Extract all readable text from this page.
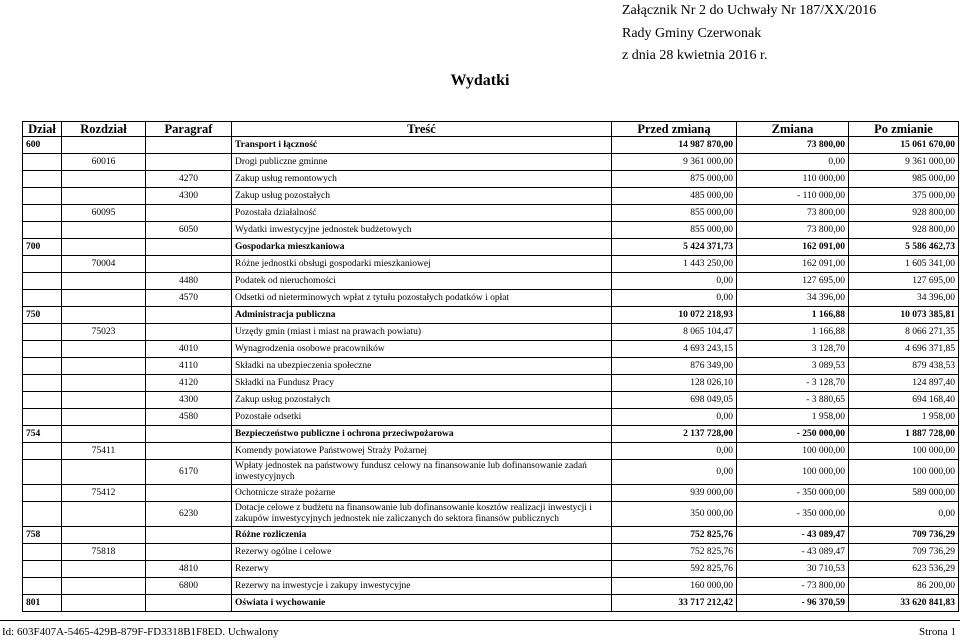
Załącznik Nr 2 do Uchwały Nr 187/XX/2016
Rady Gminy Czerwonak
z dnia 28 kwietnia 2016 r.
Wydatki
Dział	Rozdział	Paragraf	Treść	Przed zmianą	Zmiana	Po zmianie
600			Transport i łączność	14 987 870,00	73 800,00	15 061 670,00
	60016		Drogi publiczne gminne	9 361 000,00	0,00	9 361 000,00
		4270	Zakup usług remontowych	875 000,00	110 000,00	985 000,00
		4300	Zakup usług pozostałych	485 000,00	- 110 000,00	375 000,00
	60095		Pozostała działalność	855 000,00	73 800,00	928 800,00
		6050	Wydatki inwestycyjne jednostek budżetowych	855 000,00	73 800,00	928 800,00
700			Gospodarka mieszkaniowa	5 424 371,73	162 091,00	5 586 462,73
	70004		Różne jednostki obsługi gospodarki mieszkaniowej	1 443 250,00	162 091,00	1 605 341,00
		4480	Podatek od nieruchomości	0,00	127 695,00	127 695,00
		4570	Odsetki od nieterminowych wpłat z tytułu pozostałych podatków i opłat	0,00	34 396,00	34 396,00
750			Administracja publiczna	10 072 218,93	1 166,88	10 073 385,81
	75023		Urzędy gmin (miast i miast na prawach powiatu)	8 065 104,47	1 166,88	8 066 271,35
		4010	Wynagrodzenia osobowe pracowników	4 693 243,15	3 128,70	4 696 371,85
		4110	Składki na ubezpieczenia społeczne	876 349,00	3 089,53	879 438,53
		4120	Składki na Fundusz Pracy	128 026,10	- 3 128,70	124 897,40
		4300	Zakup usług pozostałych	698 049,05	- 3 880,65	694 168,40
		4580	Pozostałe odsetki	0,00	1 958,00	1 958,00
754			Bezpieczeństwo publiczne i ochrona przeciwpożarowa	2 137 728,00	- 250 000,00	1 887 728,00
	75411		Komendy powiatowe Państwowej Straży Pożarnej	0,00	100 000,00	100 000,00
		6170	Wpłaty jednostek na państwowy fundusz celowy na finansowanie lub dofinansowanie zadań inwestycyjnych	0,00	100 000,00	100 000,00
	75412		Ochotnicze straże pożarne	939 000,00	- 350 000,00	589 000,00
		6230	Dotacje celowe z budżetu na finansowanie lub dofinansowanie kosztów realizacji inwestycji i zakupów inwestycyjnych jednostek nie zaliczanych do sektora finansów publicznych	350 000,00	- 350 000,00	0,00
758			Różne rozliczenia	752 825,76	- 43 089,47	709 736,29
	75818		Rezerwy ogólne i celowe	752 825,76	- 43 089,47	709 736,29
		4810	Rezerwy	592 825,76	30 710,53	623 536,29
		6800	Rezerwy na inwestycje i zakupy inwestycyjne	160 000,00	- 73 800,00	86 200,00
801			Oświata i wychowanie	33 717 212,42	- 96 370,59	33 620 841,83
Id: 603F407A-5465-429B-879F-FD3318B1F8ED. Uchwalony	Strona 1
